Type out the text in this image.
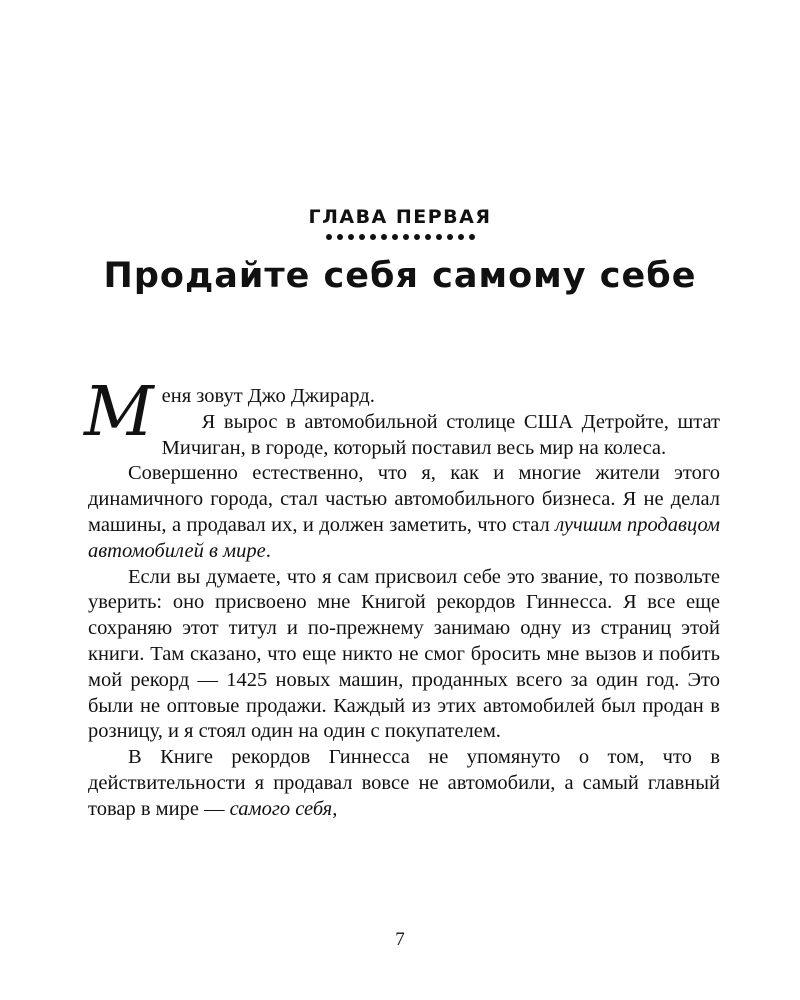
ГЛАВА ПЕРВАЯ
Продайте себя самому себе

Меня зовут Джо Джирард.

Я вырос в автомобильной столице США Детройте, штат Мичиган, в городе, который поставил весь мир на колеса.

Совершенно естественно, что я, как и многие жители этого динамичного города, стал частью автомобильного бизнеса. Я не делал машины, а продавал их, и должен заметить, что стал лучшим продавцом автомобилей в мире.

Если вы думаете, что я сам присвоил себе это звание, то позвольте уверить: оно присвоено мне Книгой рекордов Гиннесса. Я все еще сохраняю этот титул и по-прежнему занимаю одну из страниц этой книги. Там сказано, что еще никто не смог бросить мне вызов и побить мой рекорд — 1425 новых машин, проданных всего за один год. Это были не оптовые продажи. Каждый из этих автомобилей был продан в розницу, и я стоял один на один с покупателем.

В Книге рекордов Гиннесса не упомянуто о том, что в действительности я продавал вовсе не автомобили, а самый главный товар в мире — самого себя,

7
